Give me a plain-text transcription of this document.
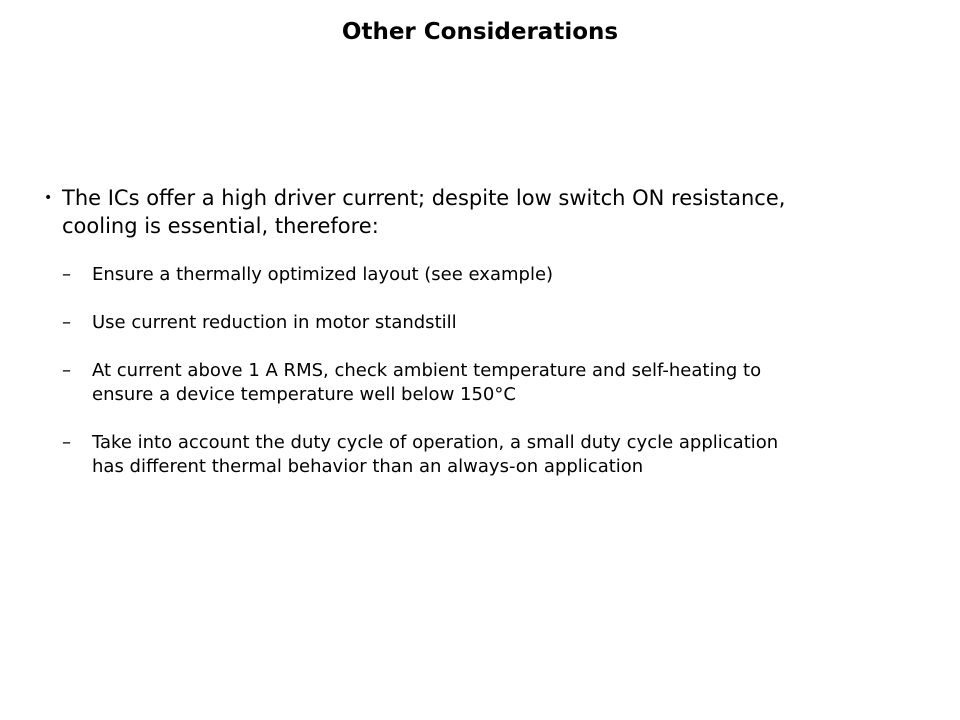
Other Considerations
• The ICs offer a high driver current; despite low switch ON resistance,
cooling is essential, therefore:
–	Ensure a thermally optimized layout (see example)
–	Use current reduction in motor standstill
–	At current above 1 A RMS, check ambient temperature and self-heating to
ensure a device temperature well below 150°C
–	Take into account the duty cycle of operation, a small duty cycle application
has different thermal behavior than an always-on application
